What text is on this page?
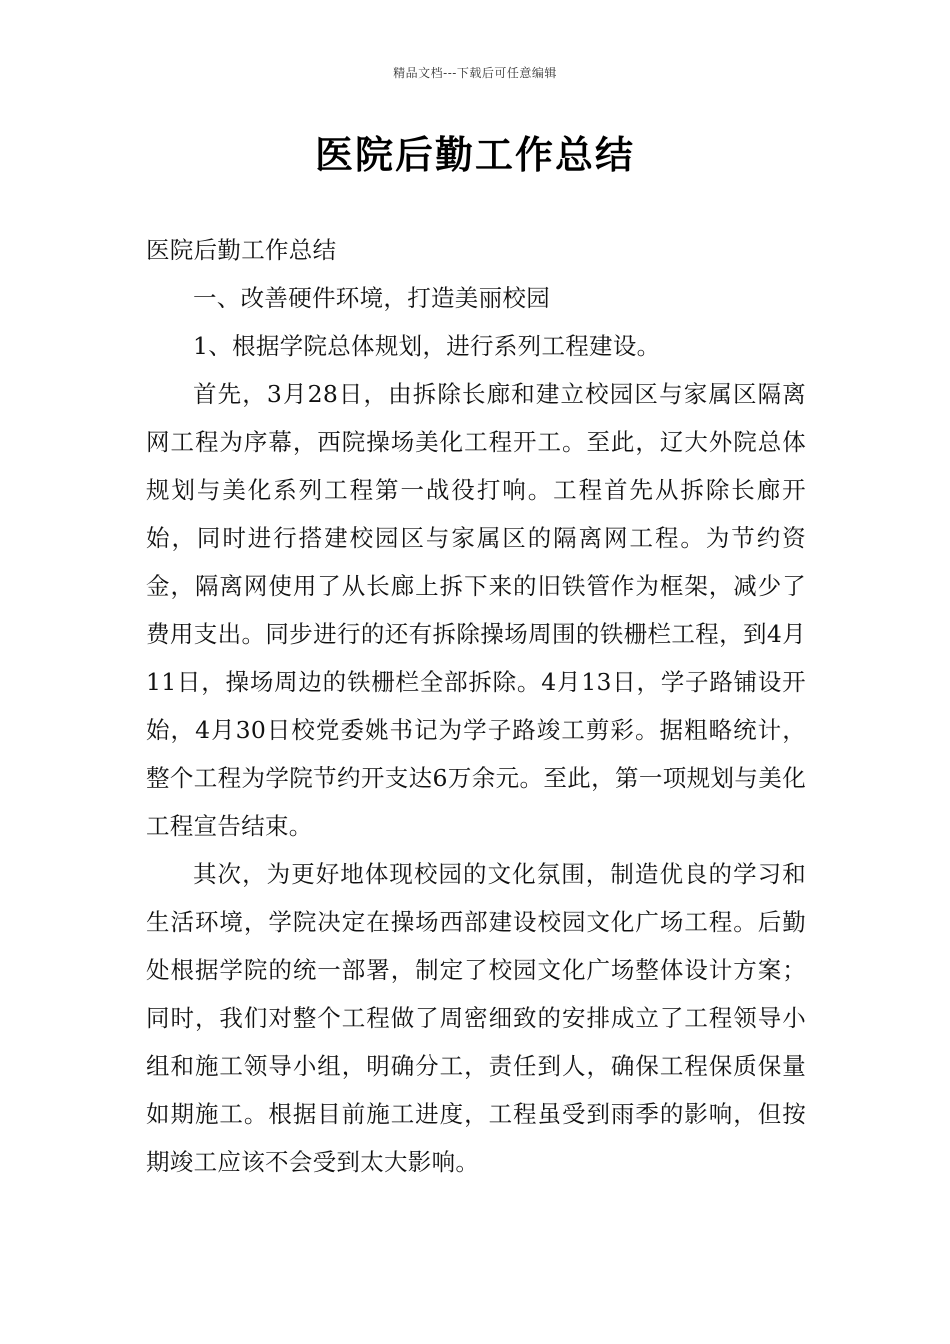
精品文档---下载后可任意编辑
医院后勤工作总结

医院后勤工作总结

一、改善硬件环境，打造美丽校园

1、根据学院总体规划，进行系列工程建设。

首先，3月28日，由拆除长廊和建立校园区与家属区隔离网工程为序幕，西院操场美化工程开工。至此，辽大外院总体规划与美化系列工程第一战役打响。工程首先从拆除长廊开始，同时进行搭建校园区与家属区的隔离网工程。为节约资金，隔离网使用了从长廊上拆下来的旧铁管作为框架，减少了费用支出。同步进行的还有拆除操场周围的铁栅栏工程，到4月11日，操场周边的铁栅栏全部拆除。4月13日，学子路铺设开始，4月30日校党委姚书记为学子路竣工剪彩。据粗略统计，整个工程为学院节约开支达6万余元。至此，第一项规划与美化工程宣告结束。

其次，为更好地体现校园的文化氛围，制造优良的学习和生活环境，学院决定在操场西部建设校园文化广场工程。后勤处根据学院的统一部署，制定了校园文化广场整体设计方案；同时，我们对整个工程做了周密细致的安排成立了工程领导小组和施工领导小组，明确分工，责任到人，确保工程保质保量如期施工。根据目前施工进度，工程虽受到雨季的影响，但按期竣工应该不会受到太大影响。
